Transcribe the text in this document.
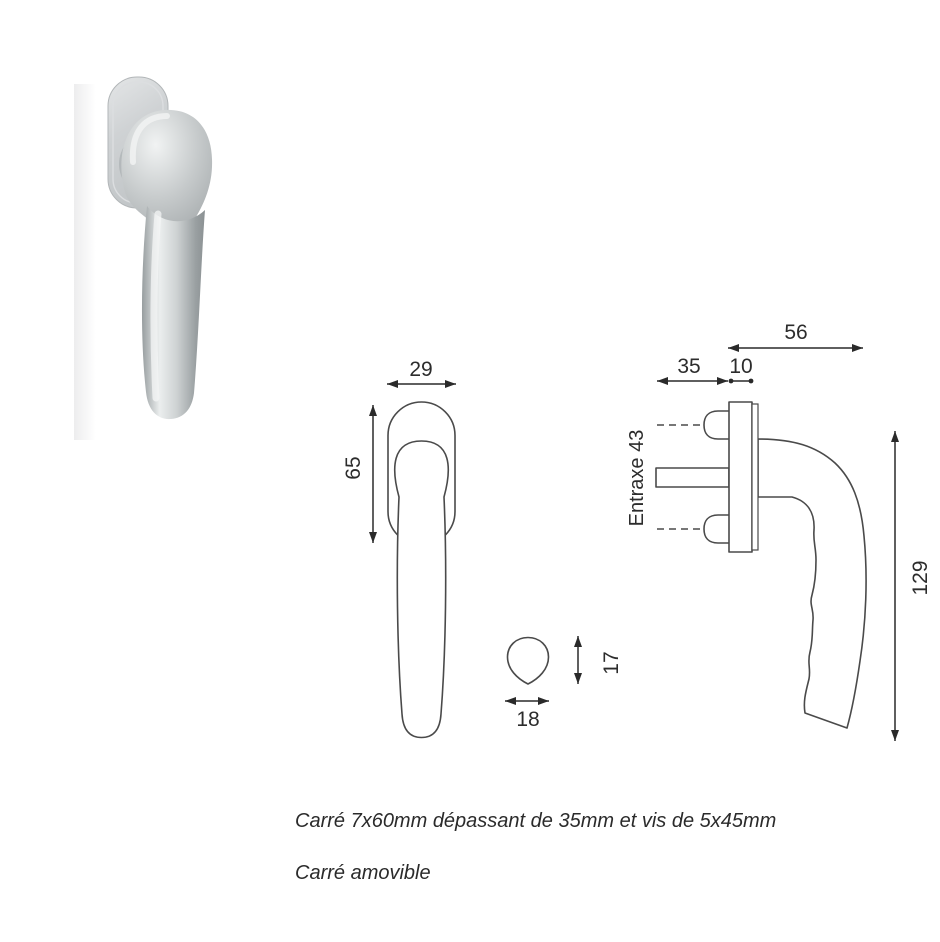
29
65
17
18
56
35 10
Entraxe 43
129
Carré 7x60mm dépassant de 35mm et vis de 5x45mm
Carré amovible
